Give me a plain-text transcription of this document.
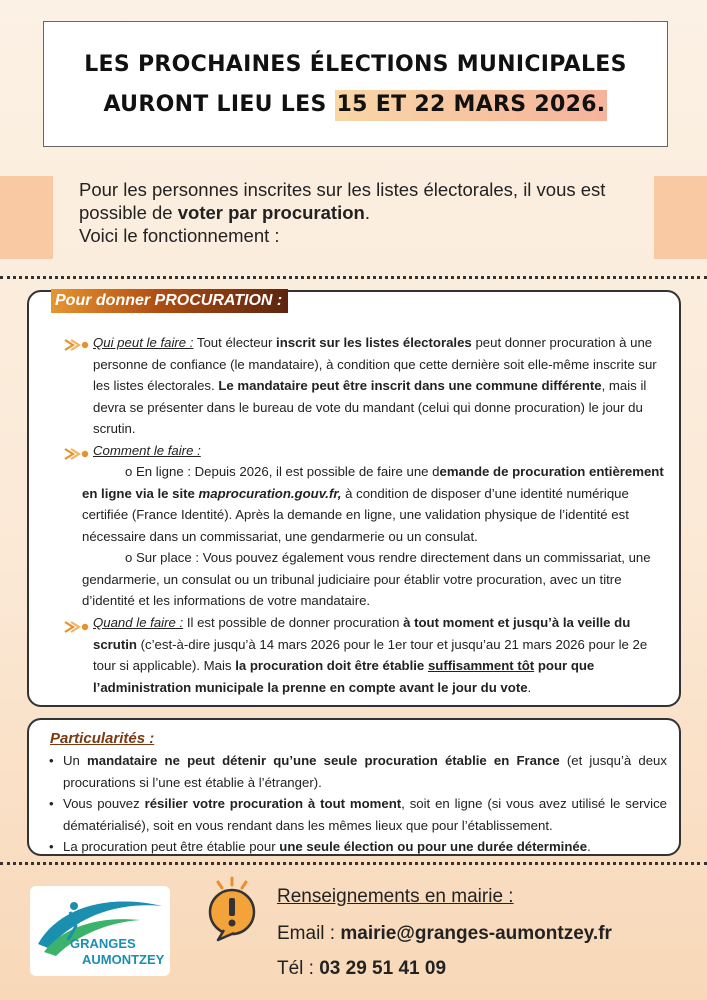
LES PROCHAINES ÉLECTIONS MUNICIPALES
AURONT LIEU LES 15 ET 22 MARS 2026.
Pour les personnes inscrites sur les listes électorales, il vous est possible de voter par procuration.
Voici le fonctionnement :
Pour donner PROCURATION :
Qui peut le faire : Tout électeur inscrit sur les listes électorales peut donner procuration à une personne de confiance (le mandataire), à condition que cette dernière soit elle-même inscrite sur les listes électorales. Le mandataire peut être inscrit dans une commune différente, mais il devra se présenter dans le bureau de vote du mandant (celui qui donne procuration) le jour du scrutin.
Comment le faire :
o En ligne : Depuis 2026, il est possible de faire une demande de procuration entièrement en ligne via le site maprocuration.gouv.fr, à condition de disposer d’une identité numérique certifiée (France Identité). Après la demande en ligne, une validation physique de l’identité est nécessaire dans un commissariat, une gendarmerie ou un consulat.
o Sur place : Vous pouvez également vous rendre directement dans un commissariat, une gendarmerie, un consulat ou un tribunal judiciaire pour établir votre procuration, avec un titre d’identité et les informations de votre mandataire.
Quand le faire : Il est possible de donner procuration à tout moment et jusqu’à la veille du scrutin (c’est-à-dire jusqu’à 14 mars 2026 pour le 1er tour et jusqu’au 21 mars 2026 pour le 2e tour si applicable). Mais la procuration doit être établie suffisamment tôt pour que l’administration municipale la prenne en compte avant le jour du vote.
Particularités :
• Un mandataire ne peut détenir qu’une seule procuration établie en France (et jusqu’à deux procurations si l’une est établie à l’étranger).
• Vous pouvez résilier votre procuration à tout moment, soit en ligne (si vous avez utilisé le service dématérialisé), soit en vous rendant dans les mêmes lieux que pour l’établissement.
• La procuration peut être établie pour une seule élection ou pour une durée déterminée.
GRANGES
AUMONTZEY
Renseignements en mairie :
Email : mairie@granges-aumontzey.fr
Tél : 03 29 51 41 09
